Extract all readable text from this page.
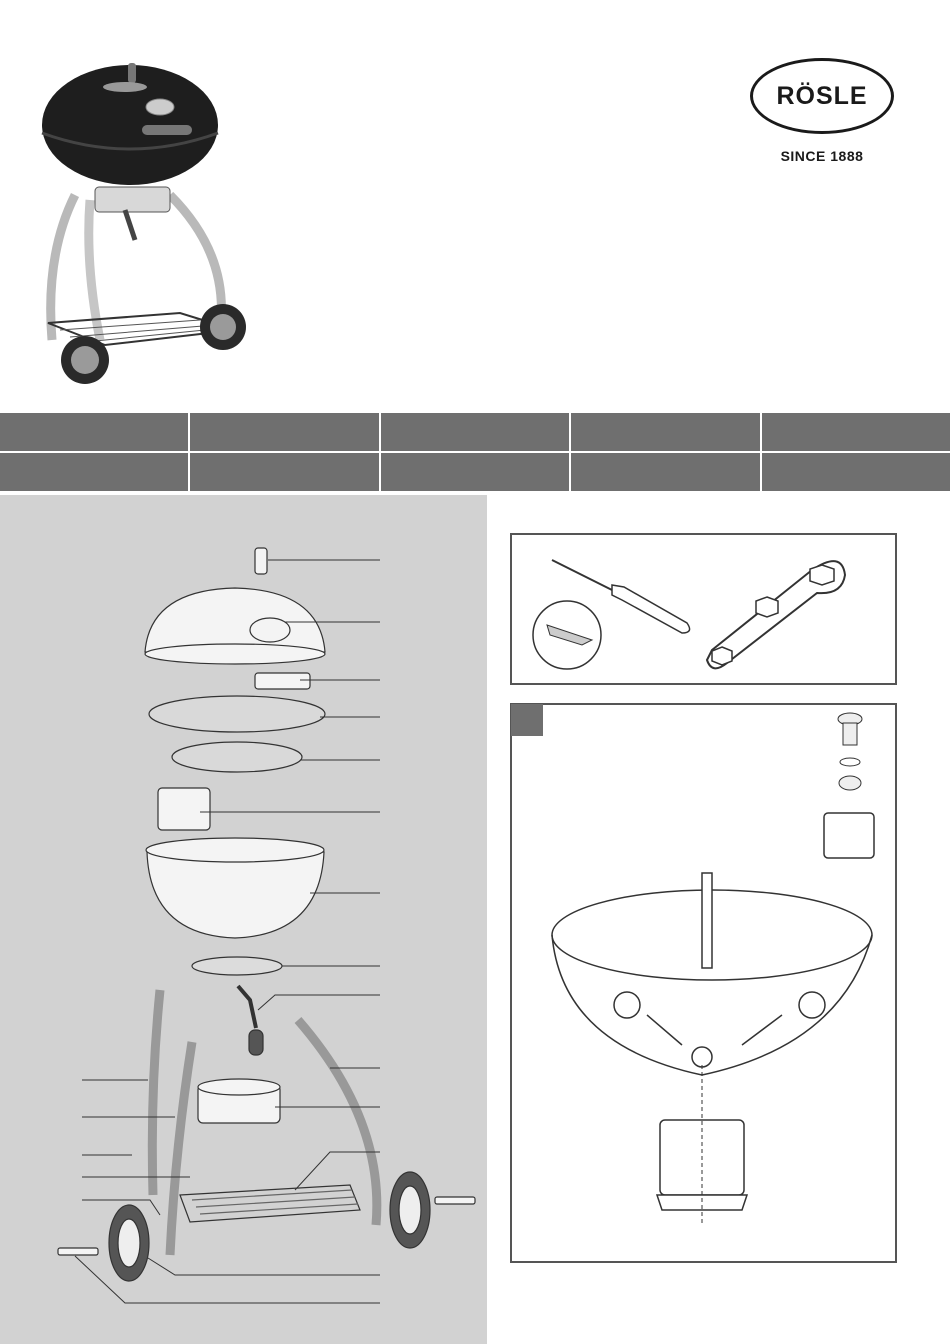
RÖSLE
SINCE 1888
